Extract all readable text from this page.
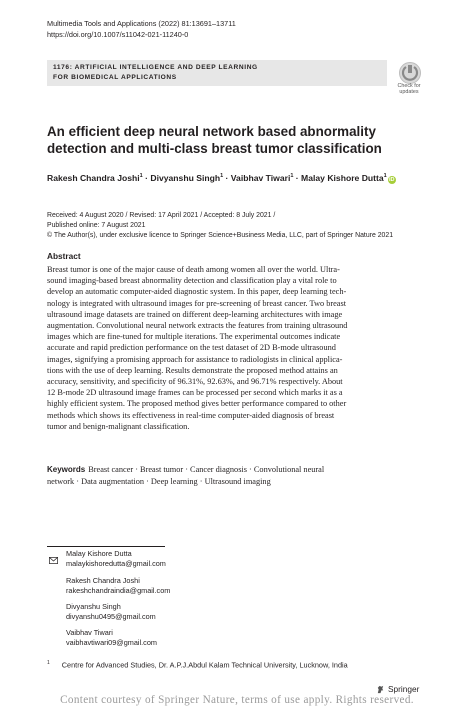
Multimedia Tools and Applications (2022) 81:13691–13711
https://doi.org/10.1007/s11042-021-11240-0
1176: ARTIFICIAL INTELLIGENCE AND DEEP LEARNING
FOR BIOMEDICAL APPLICATIONS
Check for
updates
An efficient deep neural network based abnormality
detection and multi-class breast tumor classification
Rakesh Chandra Joshi$^1$ · Divyanshu Singh$^1$ · Vaibhav Tiwari$^1$ · Malay Kishore Dutta$^1$iD
Received: 4 August 2020 / Revised: 17 April 2021 / Accepted: 8 July 2021 /
Published online: 7 August 2021
© The Author(s), under exclusive licence to Springer Science+Business Media, LLC, part of Springer Nature 2021
Abstract
Breast tumor is one of the major cause of death among women all over the world. Ultra-
sound imaging-based breast abnormality detection and classification play a vital role to
develop an automatic computer-aided diagnostic system. In this paper, deep learning tech-
nology is integrated with ultrasound images for pre-screening of breast cancer. Two breast
ultrasound image datasets are trained on different deep-learning architectures with image
augmentation. Convolutional neural network extracts the features from training ultrasound
images which are fine-tuned for multiple iterations. The experimental outcomes indicate
accurate and rapid prediction performance on the test dataset of 2D B-mode ultrasound
images, signifying a promising approach for assistance to radiologists in clinical applica-
tions with the use of deep learning. Results demonstrate the proposed method attains an
accuracy, sensitivity, and specificity of 96.31%, 92.63%, and 96.71% respectively. About
12 B-mode 2D ultrasound image frames can be processed per second which marks it as a
highly efficient system. The proposed method gives better performance compared to other
methods which shows its effectiveness in real-time computer-aided diagnosis of breast
tumor and benign-malignant classification.
Keywords Breast cancer · Breast tumor · Cancer diagnosis · Convolutional neural
network · Data augmentation · Deep learning · Ultrasound imaging
Malay Kishore Dutta
malaykishoredutta@gmail.com
Rakesh Chandra Joshi
rakeshchandraindia@gmail.com
Divyanshu Singh
divyanshu0495@gmail.com
Vaibhav Tiwari
vaibhavtiwari09@gmail.com
$^1$ Centre for Advanced Studies, Dr. A.P.J.Abdul Kalam Technical University, Lucknow, India
Springer
Content courtesy of Springer Nature, terms of use apply. Rights reserved.
